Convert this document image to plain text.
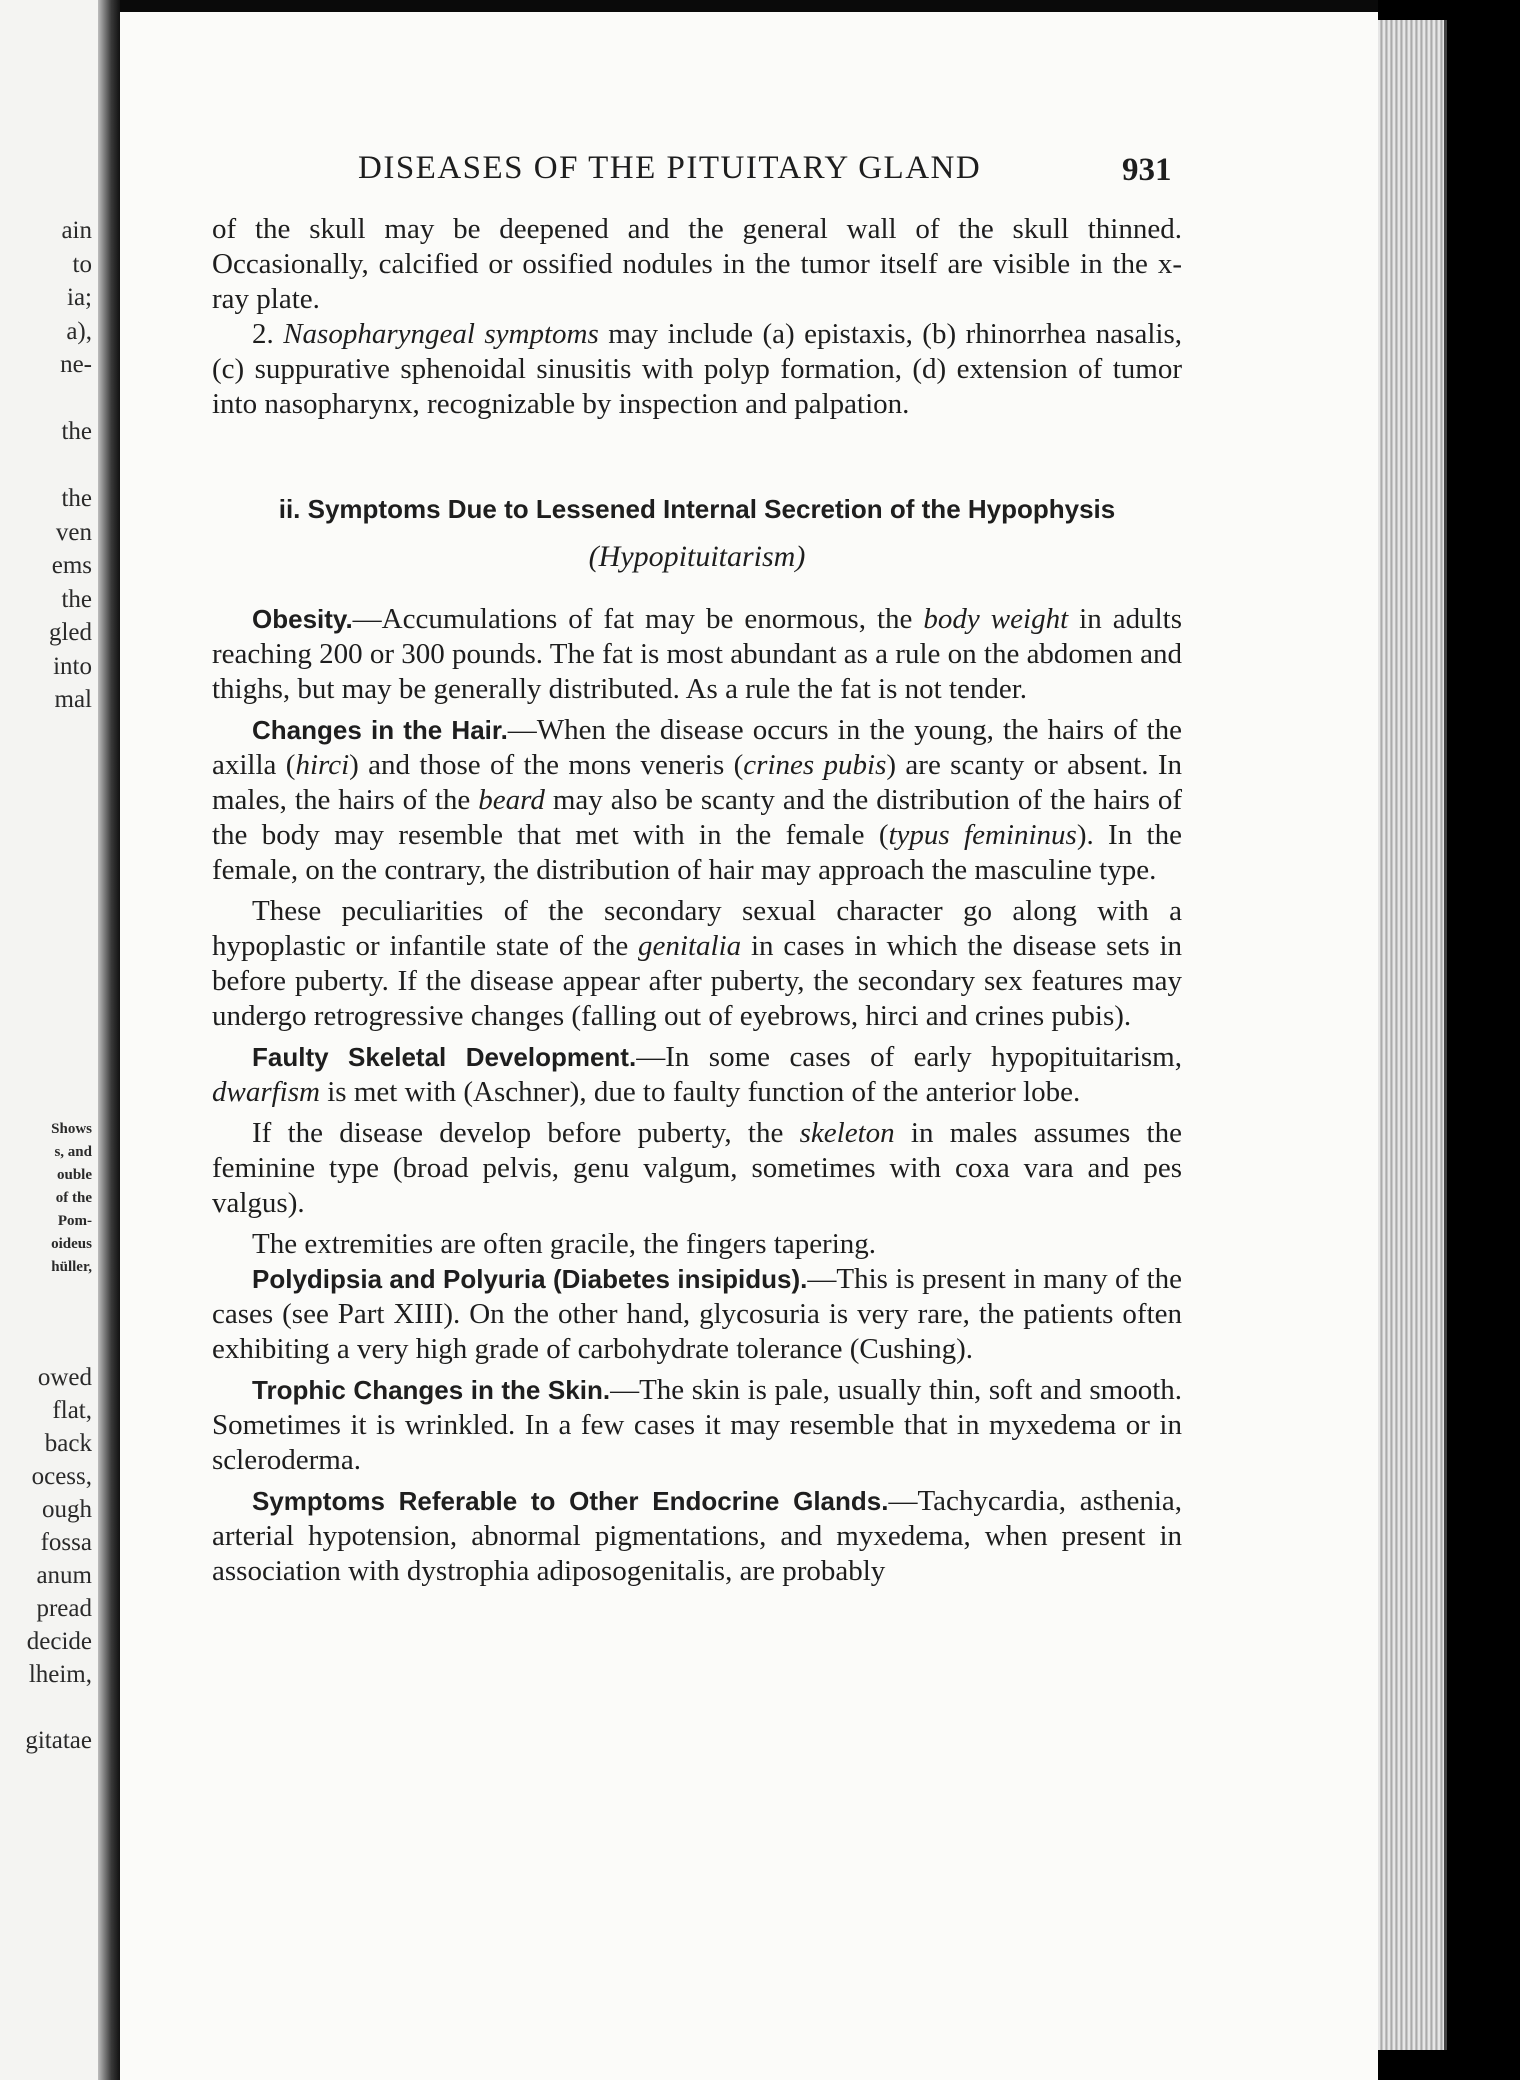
DISEASES OF THE PITUITARY GLAND	931

of the skull may be deepened and the general wall of the skull thinned. Occasionally, calcified or ossified nodules in the tumor itself are visible in the x-ray plate.

2. Nasopharyngeal symptoms may include (a) epistaxis, (b) rhinorrhea nasalis, (c) suppurative sphenoidal sinusitis with polyp formation, (d) extension of tumor into nasopharynx, recognizable by inspection and palpation.

ii. Symptoms Due to Lessened Internal Secretion of the Hypophysis

(Hypopituitarism)

Obesity.—Accumulations of fat may be enormous, the body weight in adults reaching 200 or 300 pounds. The fat is most abundant as a rule on the abdomen and thighs, but may be generally distributed. As a rule the fat is not tender.

Changes in the Hair.—When the disease occurs in the young, the hairs of the axilla (hirci) and those of the mons veneris (crines pubis) are scanty or absent. In males, the hairs of the beard may also be scanty and the distribution of the hairs of the body may resemble that met with in the female (typus femininus). In the female, on the contrary, the distribution of hair may approach the masculine type.

These peculiarities of the secondary sexual character go along with a hypoplastic or infantile state of the genitalia in cases in which the disease sets in before puberty. If the disease appear after puberty, the secondary sex features may undergo retrogressive changes (falling out of eyebrows, hirci and crines pubis).

Faulty Skeletal Development.—In some cases of early hypopituitarism, dwarfism is met with (Aschner), due to faulty function of the anterior lobe.

If the disease develop before puberty, the skeleton in males assumes the feminine type (broad pelvis, genu valgum, sometimes with coxa vara and pes valgus).

The extremities are often gracile, the fingers tapering.

Polydipsia and Polyuria (Diabetes insipidus).—This is present in many of the cases (see Part XIII). On the other hand, glycosuria is very rare, the patients often exhibiting a very high grade of carbohydrate tolerance (Cushing).

Trophic Changes in the Skin.—The skin is pale, usually thin, soft and smooth. Sometimes it is wrinkled. In a few cases it may resemble that in myxedema or in scleroderma.

Symptoms Referable to Other Endocrine Glands.—Tachycardia, asthenia, arterial hypotension, abnormal pigmentations, and myxedema, when present in association with dystrophia adiposogenitalis, are probably

ain
to
ia;
a),
ne-
the
the
ven
ems
the
gled
into
mal
Shows
s, and
ouble
of the
Pom-
oideus
hüller,
owed
flat,
back
ocess,
ough
fossa
anum
pread
decide
lheim,
gitatae
